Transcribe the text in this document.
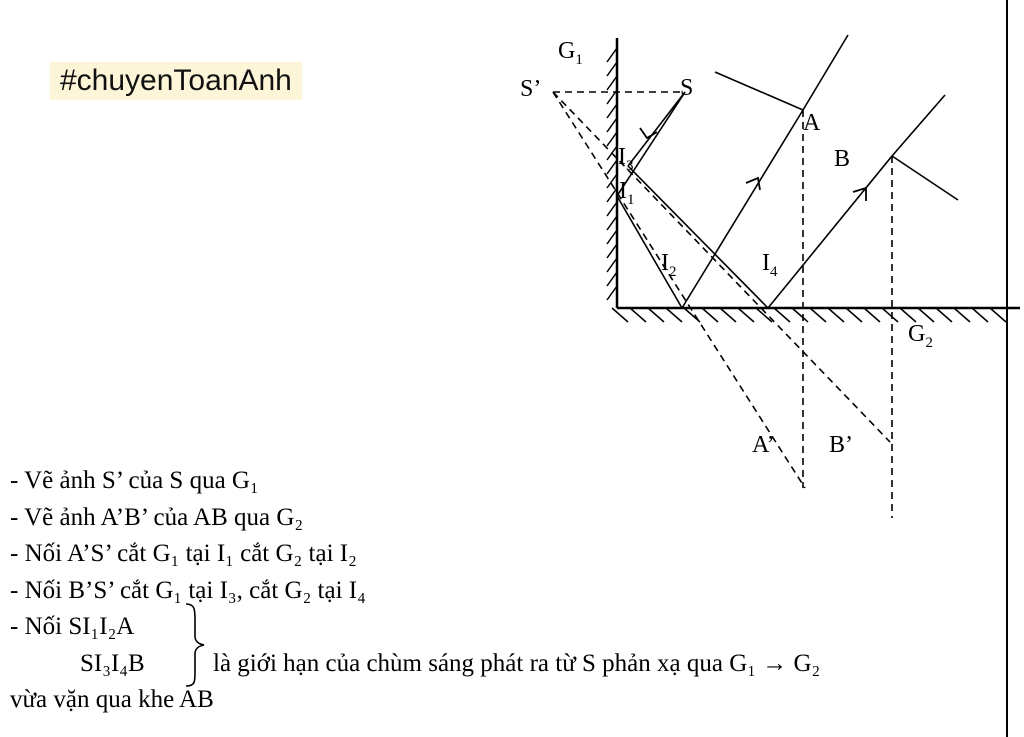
#chuyenToanAnh
$G_1$
S’	S
A
B
$I_3$
$I_1$
$I_2$	$I_4$
$G_2$
A’ B’
- Vẽ ảnh S’ của S qua G₁
- Vẽ ảnh A’B’ của AB qua G₂
- Nối A’S’ cắt G₁ tại I₁ cắt G₂ tại I₂
- Nối B’S’ cắt G₁ tại I₃, cắt G₂ tại I₄
- Nối SI₁I₂A
SI₃I₄B	là giới hạn của chùm sáng phát ra từ S phản xạ qua G₁ → G₂
vừa vặn qua khe AB
